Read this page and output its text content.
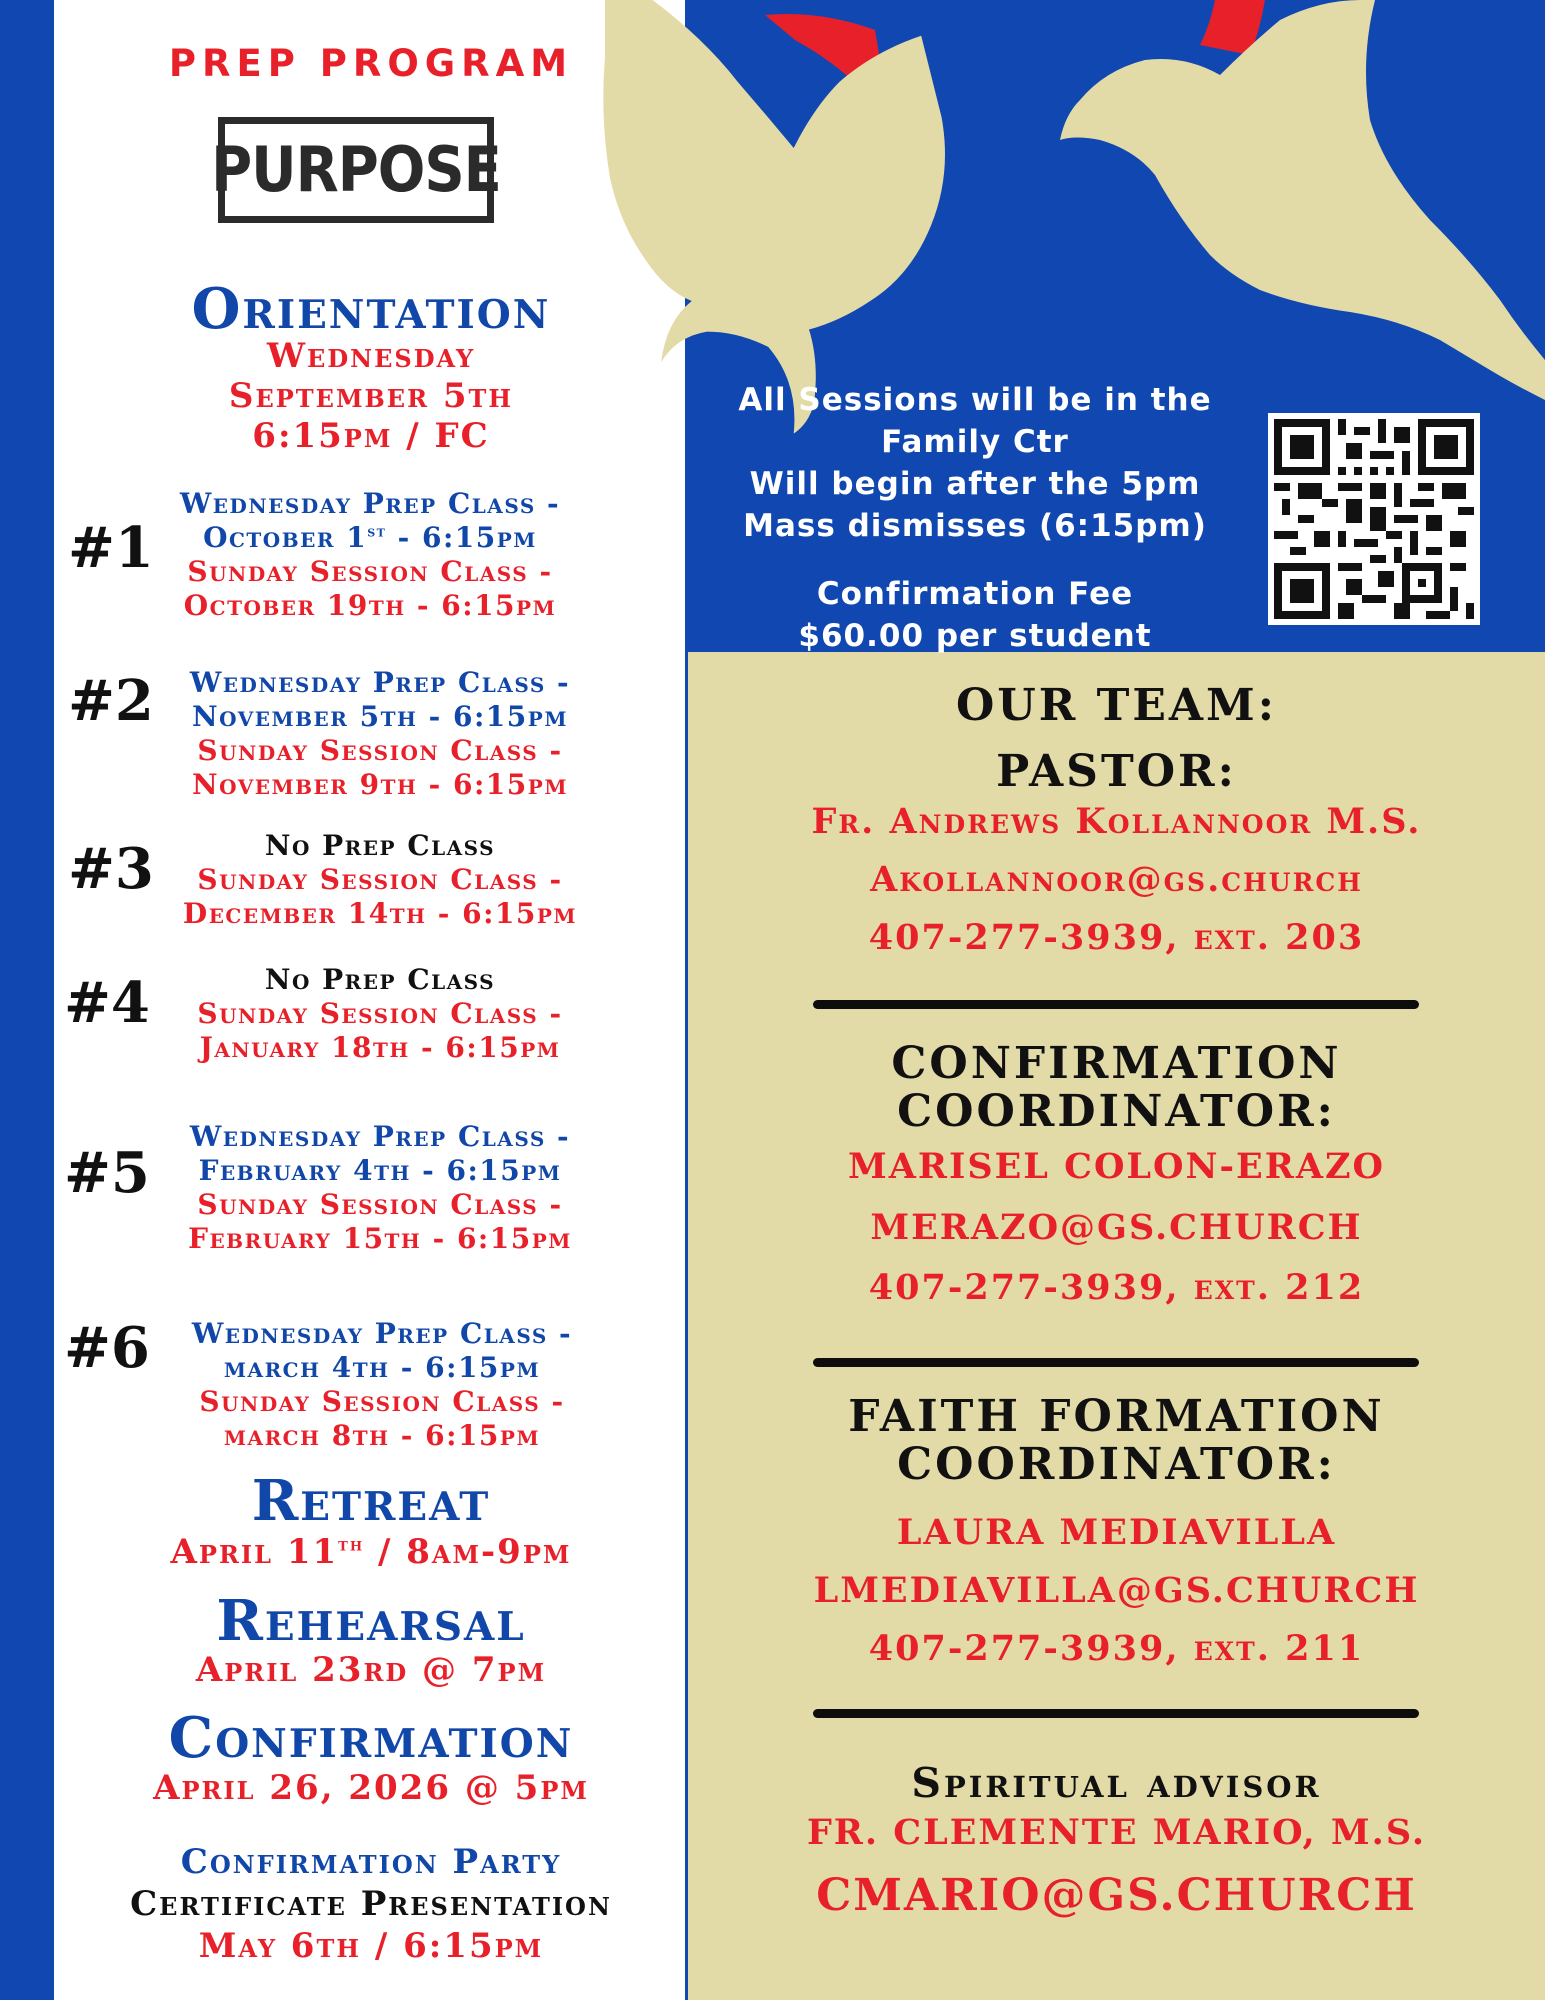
PREP PROGRAM
PURPOSE
Orientation
Wednesday
September 5th
6:15pm / FC
#1
Wednesday Prep Class -
October 1st - 6:15pm
Sunday Session Class -
October 19th - 6:15pm
#2	Wednesday Prep Class -
November 5th - 6:15pm
Sunday Session Class -
November 9th - 6:15pm
#3	No Prep Class
Sunday Session Class -
December 14th - 6:15pm
#4	No Prep Class
Sunday Session Class -
January 18th - 6:15pm
#5
Wednesday Prep Class -
February 4th - 6:15pm
Sunday Session Class -
February 15th - 6:15pm
#6	Wednesday Prep Class -
march 4th - 6:15pm
Sunday Session Class -
march 8th - 6:15pm
Retreat
April 11th / 8am-9pm
Rehearsal
April 23rd @ 7pm
Confirmation
April 26, 2026 @ 5pm
Confirmation Party
Certificate Presentation
May 6th / 6:15pm
All Sessions will be in the
Family Ctr
Will begin after the 5pm
Mass dismisses (6:15pm)
Confirmation Fee
$60.00 per student
OUR TEAM:
PASTOR:
Fr. Andrews Kollannoor M.S.
Akollannoor@gs.church
407-277-3939, ext. 203
CONFIRMATION
COORDINATOR:
MARISEL COLON-ERAZO
MERAZO@GS.CHURCH
407-277-3939, ext. 212
FAITH FORMATION
COORDINATOR:
LAURA MEDIAVILLA
LMEDIAVILLA@GS.CHURCH
407-277-3939, ext. 211
Spiritual advisor
FR. CLEMENTE MARIO, M.S.
CMARIO@GS.CHURCH
